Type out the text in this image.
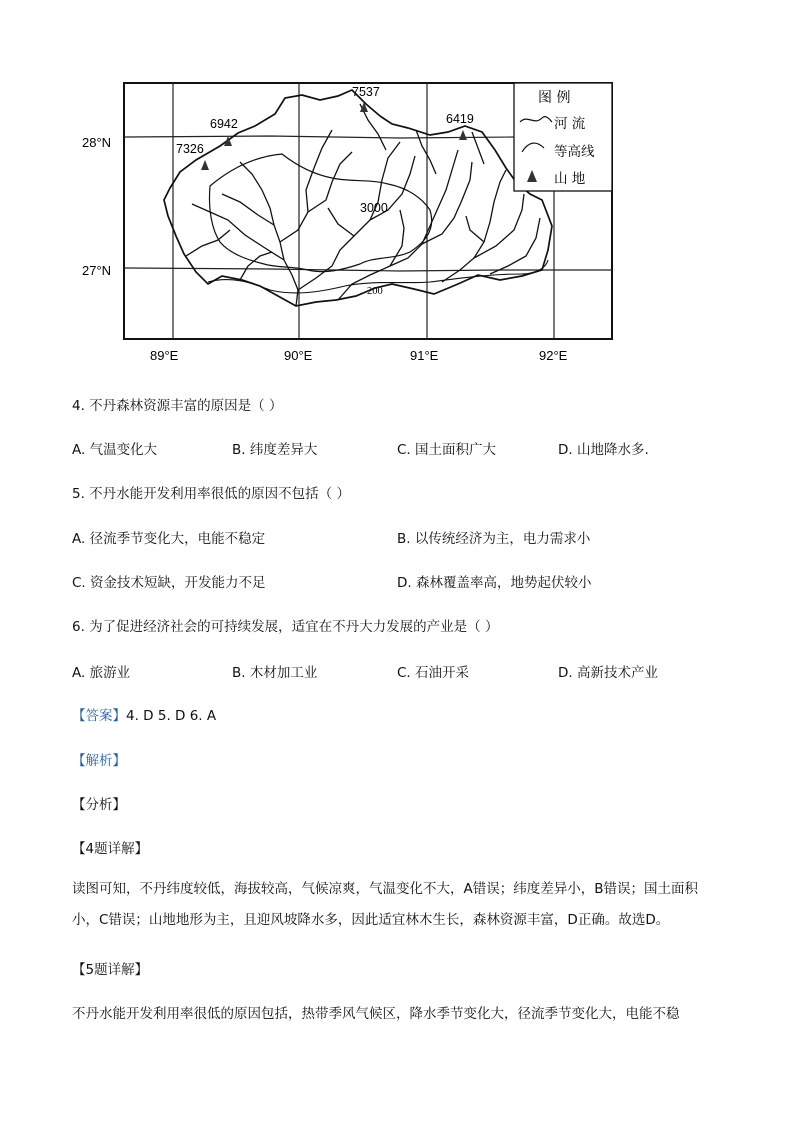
28°N
27°N
89°E	90°E	91°E	92°E
7537
6942
7326
6419
3000
200
图 例
河 流
等高线
山 地
4. 不丹森林资源丰富的原因是（ ）
A. 气温变化大	B. 纬度差异大	C. 国土面积广大	D. 山地降水多.
5. 不丹水能开发利用率很低的原因不包括（ ）
A. 径流季节变化大，电能不稳定	B. 以传统经济为主，电力需求小
C. 资金技术短缺，开发能力不足	D. 森林覆盖率高，地势起伏较小
6. 为了促进经济社会的可持续发展，适宜在不丹大力发展的产业是（ ）
A. 旅游业	B. 木材加工业	C. 石油开采	D. 高新技术产业
【答案】4. D 5. D 6. A
【解析】
【分析】
【4题详解】
读图可知，不丹纬度较低，海拔较高，气候凉爽，气温变化不大，A错误；纬度差异小，B错误；国土面积小，C错误；山地地形为主，且迎风坡降水多，因此适宜林木生长，森林资源丰富，D正确。故选D。
【5题详解】
不丹水能开发利用率很低的原因包括，热带季风气候区，降水季节变化大，径流季节变化大，电能不稳
